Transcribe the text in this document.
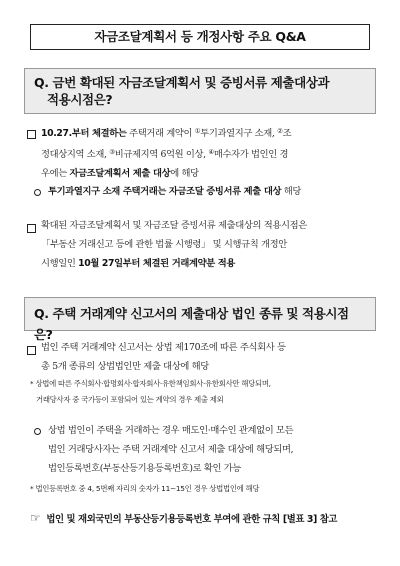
자금조달계획서 등 개정사항 주요 Q&A
Q. 금번 확대된 자금조달계획서 및 증빙서류 제출대상과
적용시점은?
10.27.부터 체결하는 주택거래 계약이 ①투기과열지구 소재, ②조
정대상지역 소재, ③비규제지역 6억원 이상, ④매수자가 법인인 경
우에는 자금조달계획서 제출 대상에 해당
투기과열지구 소재 주택거래는 자금조달 증빙서류 제출 대상 해당
확대된 자금조달계획서 및 자금조달 증빙서류 제출대상의 적용시점은
「부동산 거래신고 등에 관한 법률 시행령」 및 시행규칙 개정안
시행일인 10월 27일부터 체결된 거래계약분 적용
Q. 주택 거래계약 신고서의 제출대상 법인 종류 및 적용시점은?
법인 주택 거래계약 신고서는 상법 제170조에 따른 주식회사 등
총 5개 종류의 상법법인만 제출 대상에 해당
* 상법에 따른 주식회사·합명회사·합자회사·유한책임회사·유한회사만 해당되며,
거래당사자 중 국가등이 포함되어 있는 계약의 경우 제출 제외
상법 법인이 주택을 거래하는 경우 매도인·매수인 관계없이 모든
법인 거래당사자는 주택 거래계약 신고서 제출 대상에 해당되며,
법인등록번호(부동산등기용등록번호)로 확인 가능
* 법인등록번호 중 4, 5번째 자리의 숫자가 11∼15인 경우 상법법인에 해당
☞ 법인 및 재외국민의 부동산등기용등록번호 부여에 관한 규칙 [별표 3] 참고
